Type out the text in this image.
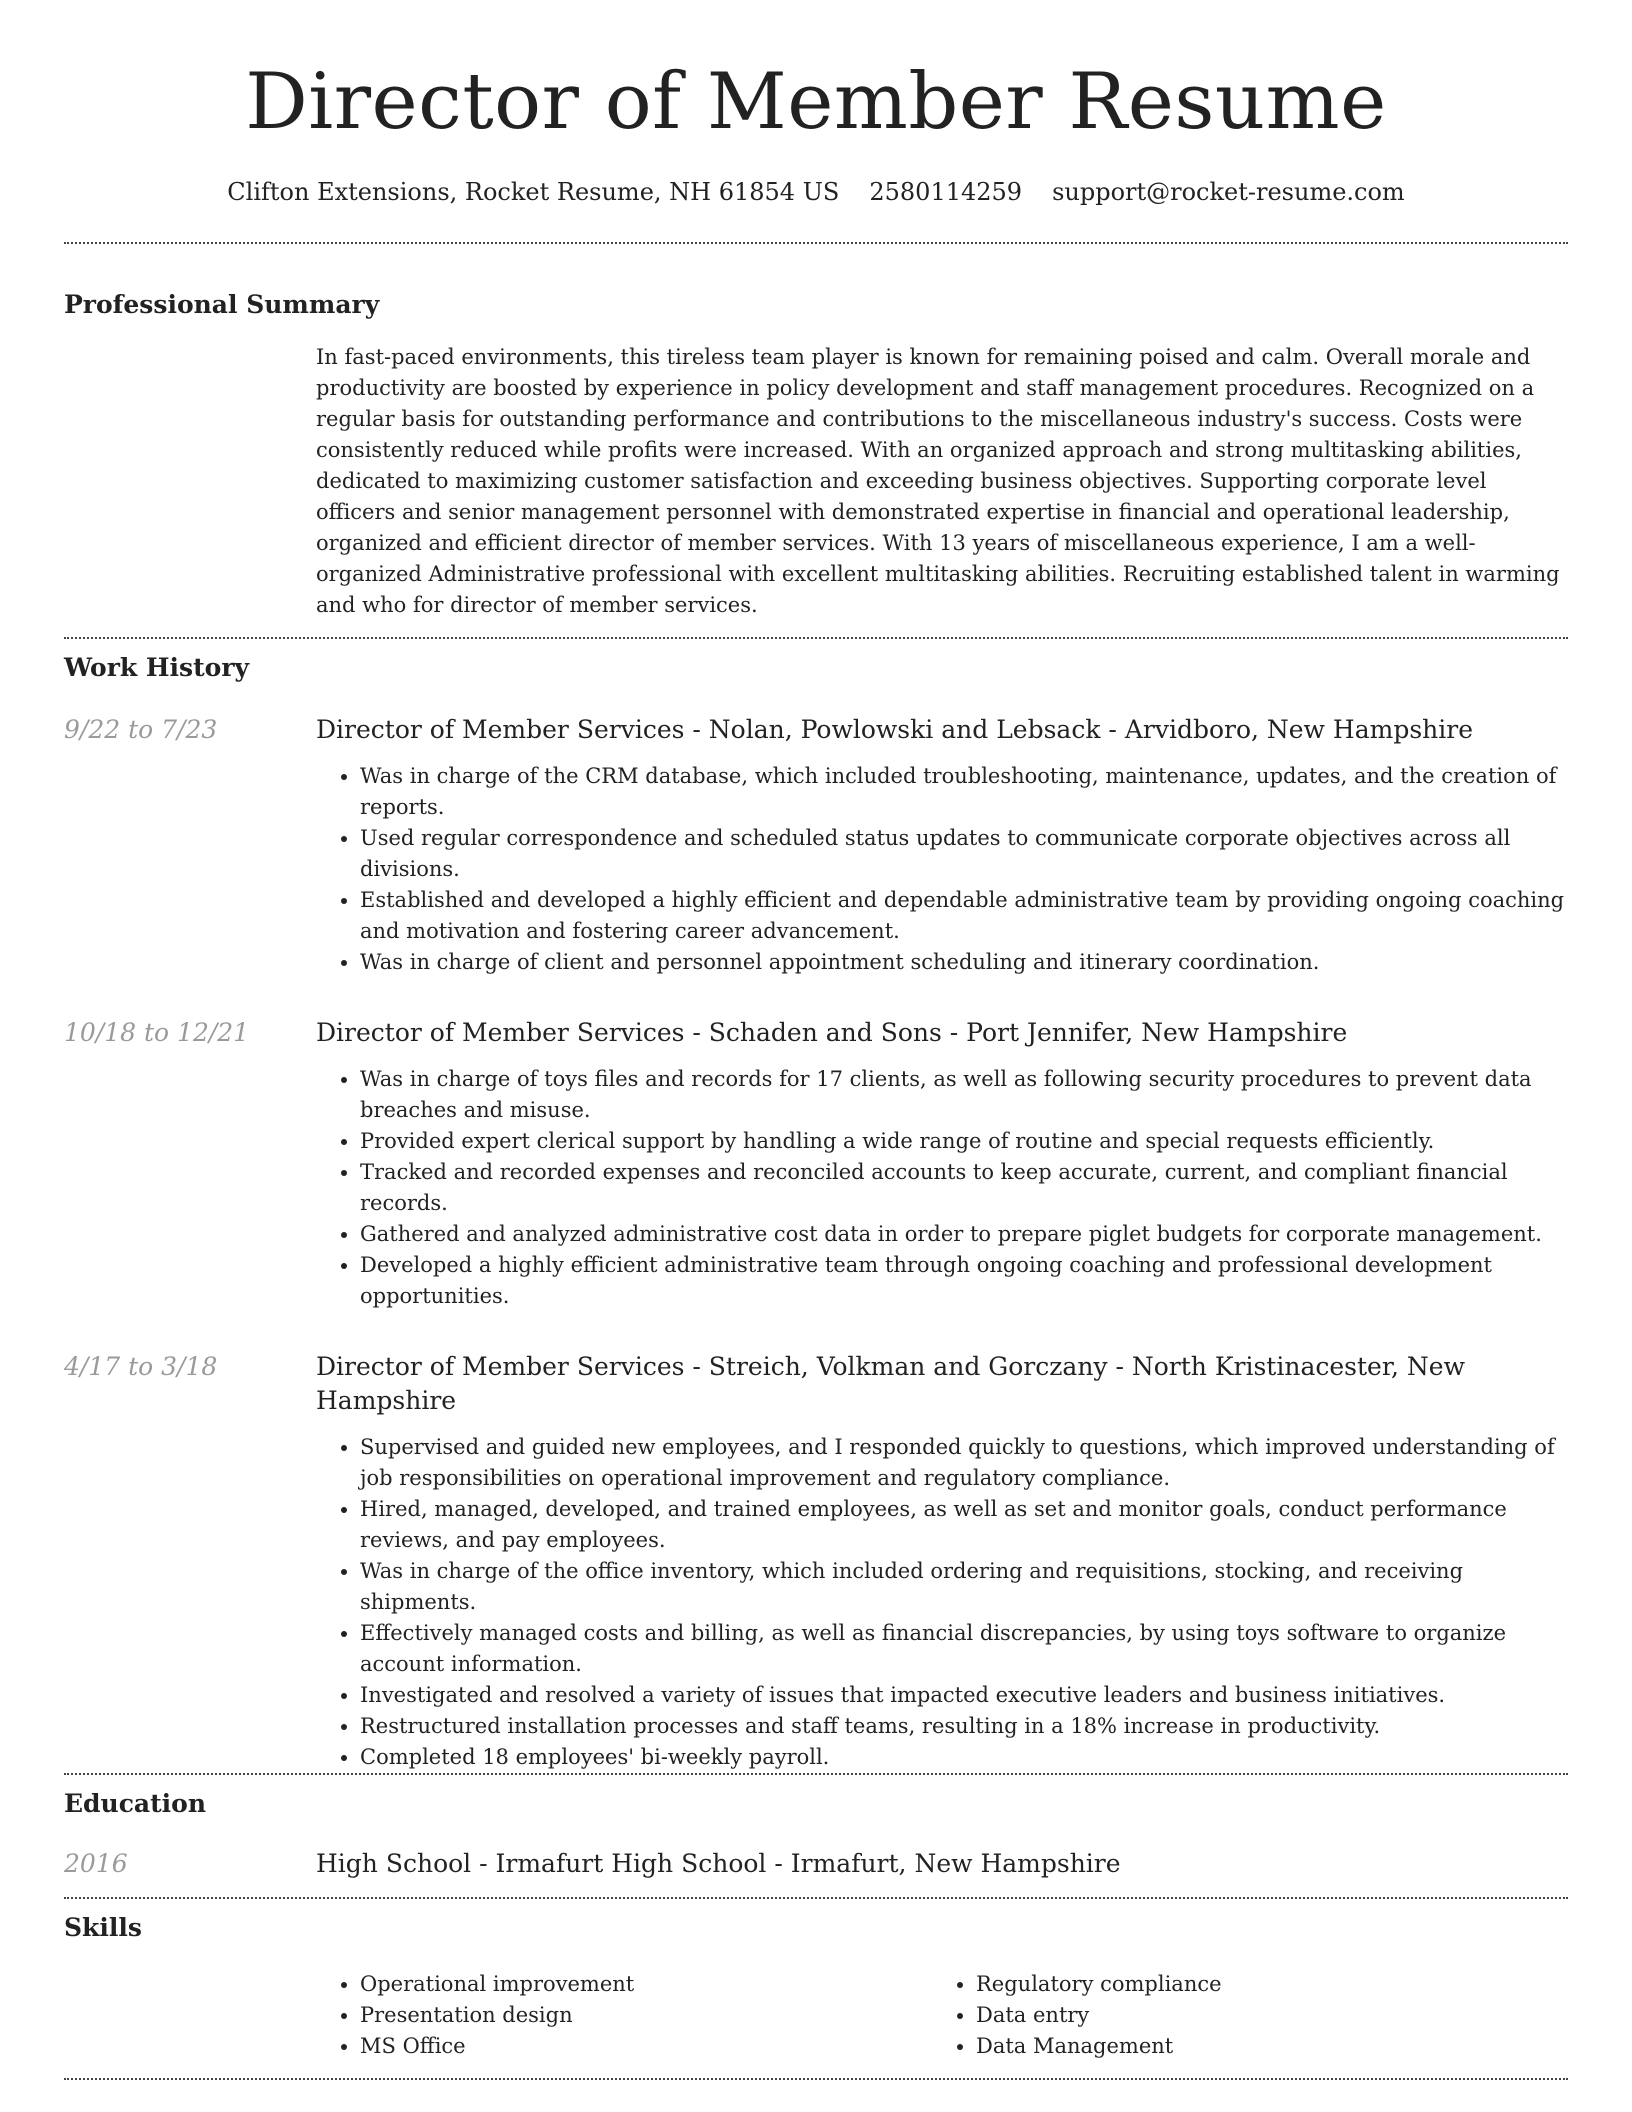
Director of Member Resume
Clifton Extensions, Rocket Resume, NH 61854 US 2580114259 support@rocket-resume.com
Professional Summary

In fast-paced environments, this tireless team player is known for remaining poised and calm. Overall morale and productivity are boosted by experience in policy development and staff management procedures. Recognized on a regular basis for outstanding performance and contributions to the miscellaneous industry's success. Costs were consistently reduced while profits were increased. With an organized approach and strong multitasking abilities, dedicated to maximizing customer satisfaction and exceeding business objectives. Supporting corporate level officers and senior management personnel with demonstrated expertise in financial and operational leadership, organized and efficient director of member services. With 13 years of miscellaneous experience, I am a well-organized Administrative professional with excellent multitasking abilities. Recruiting established talent in warming and who for director of member services.

Work History
9/22 to 7/23	Director of Member Services - Nolan, Powlowski and Lebsack - Arvidboro, New Hampshire
• Was in charge of the CRM database, which included troubleshooting, maintenance, updates, and the creation of reports.
• Used regular correspondence and scheduled status updates to communicate corporate objectives across all divisions.
• Established and developed a highly efficient and dependable administrative team by providing ongoing coaching and motivation and fostering career advancement.
• Was in charge of client and personnel appointment scheduling and itinerary coordination.
10/18 to 12/21	Director of Member Services - Schaden and Sons - Port Jennifer, New Hampshire
• Was in charge of toys files and records for 17 clients, as well as following security procedures to prevent data breaches and misuse.
• Provided expert clerical support by handling a wide range of routine and special requests efficiently.
• Tracked and recorded expenses and reconciled accounts to keep accurate, current, and compliant financial records.
• Gathered and analyzed administrative cost data in order to prepare piglet budgets for corporate management.
• Developed a highly efficient administrative team through ongoing coaching and professional development opportunities.
4/17 to 3/18	Director of Member Services - Streich, Volkman and Gorczany - North Kristinacester, New Hampshire
• Supervised and guided new employees, and I responded quickly to questions, which improved understanding of job responsibilities on operational improvement and regulatory compliance.
• Hired, managed, developed, and trained employees, as well as set and monitor goals, conduct performance reviews, and pay employees.
• Was in charge of the office inventory, which included ordering and requisitions, stocking, and receiving shipments.
• Effectively managed costs and billing, as well as financial discrepancies, by using toys software to organize account information.
• Investigated and resolved a variety of issues that impacted executive leaders and business initiatives.
• Restructured installation processes and staff teams, resulting in a 18% increase in productivity.
• Completed 18 employees' bi-weekly payroll.
Education
2016	High School - Irmafurt High School - Irmafurt, New Hampshire
Skills
• Operational improvement
• Presentation design
• MS Office
• Regulatory compliance
• Data entry
• Data Management
